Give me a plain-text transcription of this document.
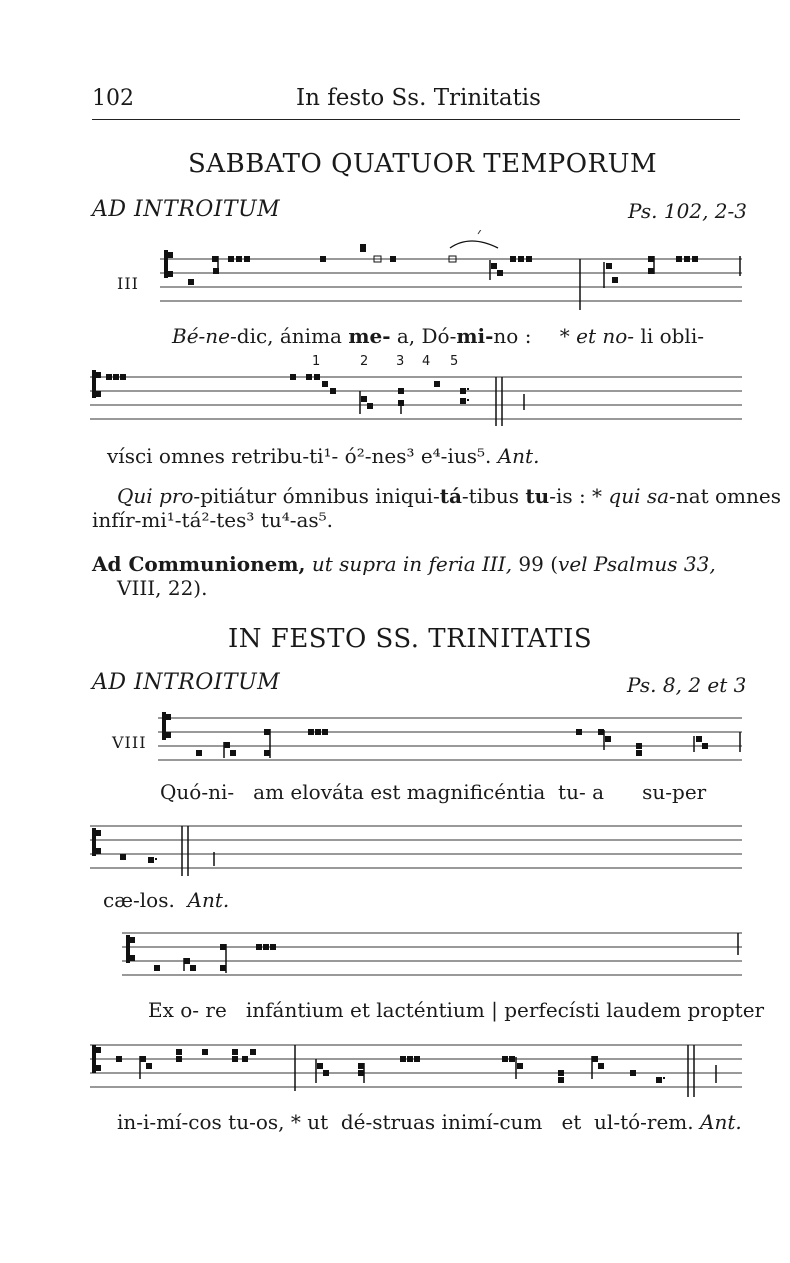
102	In festo Ss. Trinitatis
SABBATO QUATUOR TEMPORUM
AD INTROITUM	Ps. 102, 2-3
III
Bé-ne-dic, ánima me- a, Dó-mi-no : * et no- li obli-
1	2 3 4 5
vísci omnes retribu-ti¹- ó²-nes³ e⁴-ius⁵. Ant.
Qui pro-pitiátur ómnibus iniqui-tá-tibus tu-is : * qui sa-nat omnes
infír-mi¹-tá²-tes³ tu⁴-as⁵.
Ad Communionem, ut supra in feria III, 99 (vel Psalmus 33,
VIII, 22).
IN FESTO SS. TRINITATIS
AD INTROITUM	Ps. 8, 2 et 3
VIII
Quó-ni-   am elováta est magnificéntia  tu- a      su-per
cæ-los.  Ant.
Ex o- re   infántium et lacténtium | perfecísti laudem propter
in-i-mí-cos tu-os, * ut  dé-struas inimí-cum   et  ul-tó-rem. Ant.
